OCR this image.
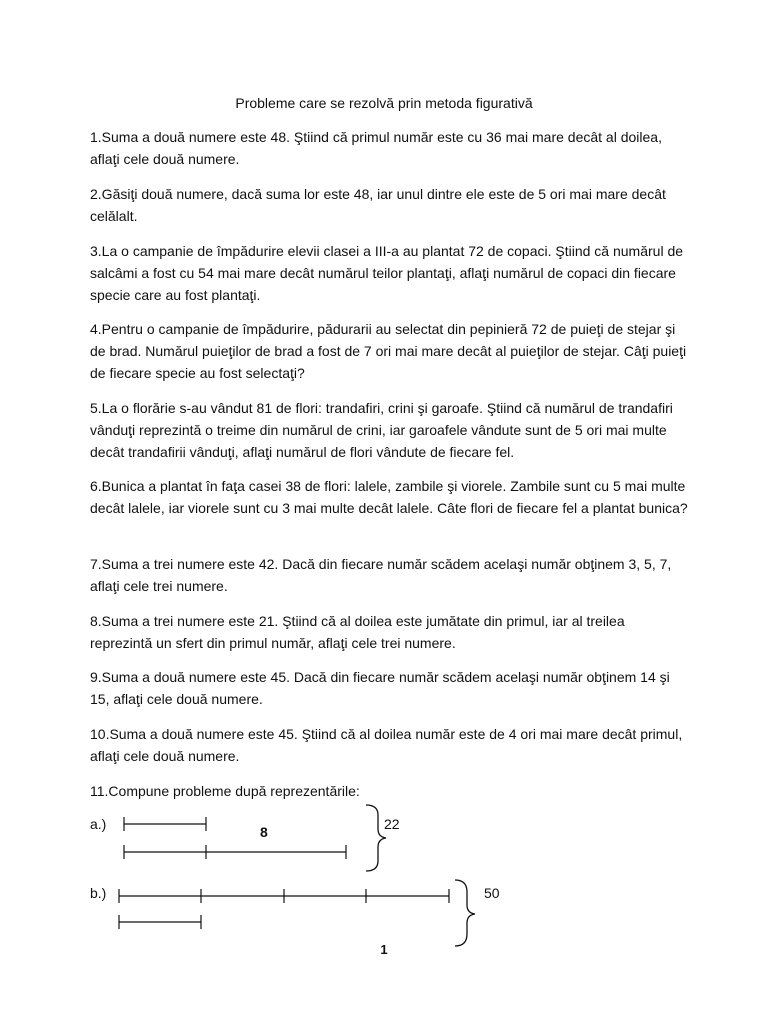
Probleme care se rezolvă prin metoda figurativă
1.Suma a două numere este 48. Ştiind că primul număr este cu 36 mai mare decât al doilea, aflaţi cele două numere.
2.Găsiţi două numere, dacă suma lor este 48, iar unul dintre ele este de 5 ori mai mare decât celălalt.
3.La o campanie de împădurire elevii clasei a III-a au plantat 72 de copaci. Ştiind că numărul de salcâmi a fost cu 54 mai mare decât numărul teilor plantaţi, aflaţi numărul de copaci din fiecare specie care au fost plantaţi.
4.Pentru o campanie de împădurire, pădurarii au selectat din pepinieră 72 de puieţi de stejar şi de brad. Numărul puieţilor de brad a fost de 7 ori mai mare decât al puieţilor de stejar. Câţi puieţi de fiecare specie au fost selectaţi?
5.La o florărie s-au vândut 81 de flori: trandafiri, crini şi garoafe. Ştiind că numărul de trandafiri vânduţi reprezintă o treime din numărul de crini, iar garoafele vândute sunt de 5 ori mai multe decât trandafirii vânduţi, aflaţi numărul de flori vândute de fiecare fel.
6.Bunica a plantat în faţa casei 38 de flori: lalele, zambile şi viorele. Zambile sunt cu 5 mai multe decât lalele, iar viorele sunt cu 3 mai multe decât lalele. Câte flori de fiecare fel a plantat bunica?
7.Suma a trei numere este 42. Dacă din fiecare număr scădem acelaşi număr obţinem 3, 5, 7, aflaţi cele trei numere.
8.Suma a trei numere este 21. Ştiind că al doilea este jumătate din primul, iar al treilea reprezintă un sfert din primul număr, aflaţi cele trei numere.
9.Suma a două numere este 45. Dacă din fiecare număr scădem acelaşi număr obţinem 14 şi 15, aflaţi cele două numere.
10.Suma a două numere este 45. Ştiind că al doilea număr este de 4 ori mai mare decât primul, aflaţi cele două numere.
11.Compune probleme după reprezentările:
a.)	8	22
b.)	50
1
